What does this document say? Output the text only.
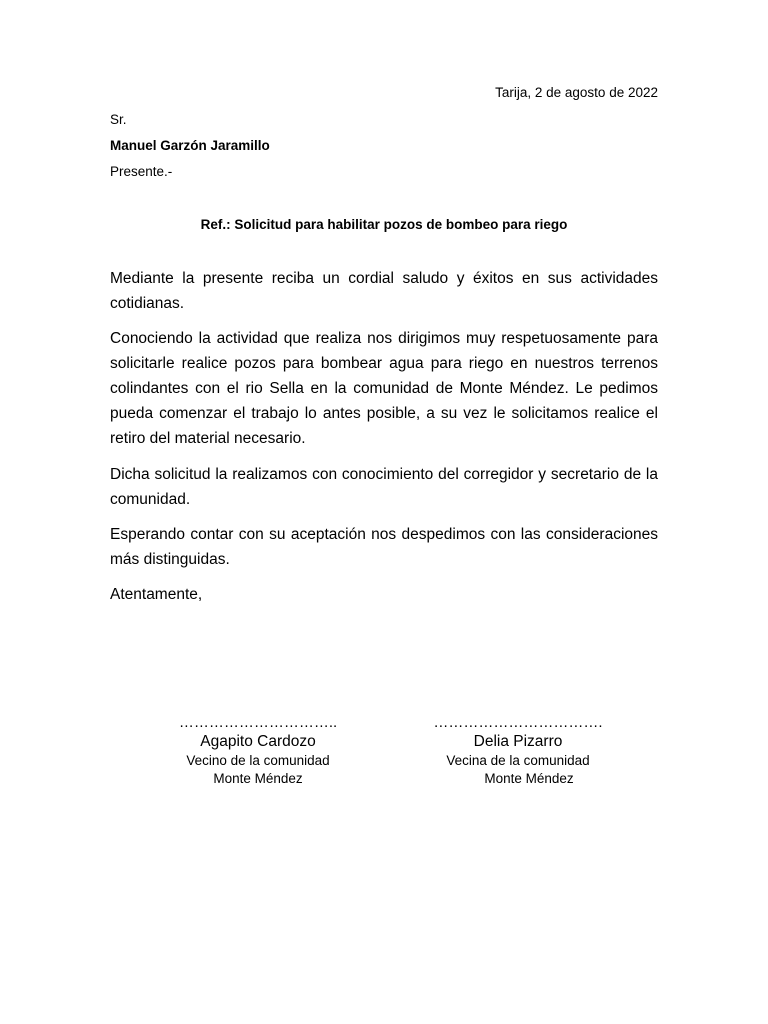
Tarija, 2 de agosto de 2022

Sr.

Manuel Garzón Jaramillo

Presente.-

Ref.: Solicitud para habilitar pozos de bombeo para riego

Mediante la presente reciba un cordial saludo y éxitos en sus actividades cotidianas.

Conociendo la actividad que realiza nos dirigimos muy respetuosamente para solicitarle realice pozos para bombear agua para riego en nuestros terrenos colindantes con el rio Sella en la comunidad de Monte Méndez. Le pedimos pueda comenzar el trabajo lo antes posible, a su vez le solicitamos realice el retiro del material necesario.

Dicha solicitud la realizamos con conocimiento del corregidor y secretario de la comunidad.

Esperando contar con su aceptación nos despedimos con las consideraciones más distinguidas.

Atentamente,

…………………………..
Agapito Cardozo
Vecino de la comunidad
Monte Méndez
…………………………….
Delia Pizarro
Vecina de la comunidad
Monte Méndez
